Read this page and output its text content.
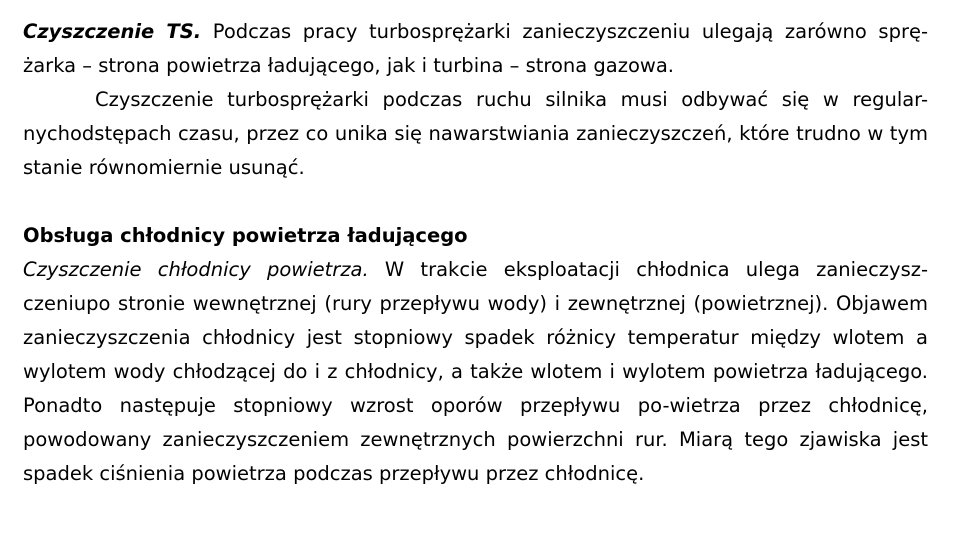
Czyszczenie TS. Podczas pracy turbosprężarki zanieczyszczeniu ulegają zarówno sprę-żarka – strona powietrza ładującego, jak i turbina – strona gazowa.

Czyszczenie turbosprężarki podczas ruchu silnika musi odbywać się w regular-nychodstępach czasu, przez co unika się nawarstwiania zanieczyszczeń, które trudno w tym stanie równomiernie usunąć.

Obsługa chłodnicy powietrza ładującego

Czyszczenie chłodnicy powietrza. W trakcie eksploatacji chłodnica ulega zanieczysz-czeniupo stronie wewnętrznej (rury przepływu wody) i zewnętrznej (powietrznej). Objawem zanieczyszczenia chłodnicy jest stopniowy spadek różnicy temperatur między wlotem a wylotem wody chłodzącej do i z chłodnicy, a także wlotem i wylotem powietrza ładującego. Ponadto następuje stopniowy wzrost oporów przepływu po-wietrza przez chłodnicę, powodowany zanieczyszczeniem zewnętrznych powierzchni rur. Miarą tego zjawiska jest spadek ciśnienia powietrza podczas przepływu przez chłodnicę.
